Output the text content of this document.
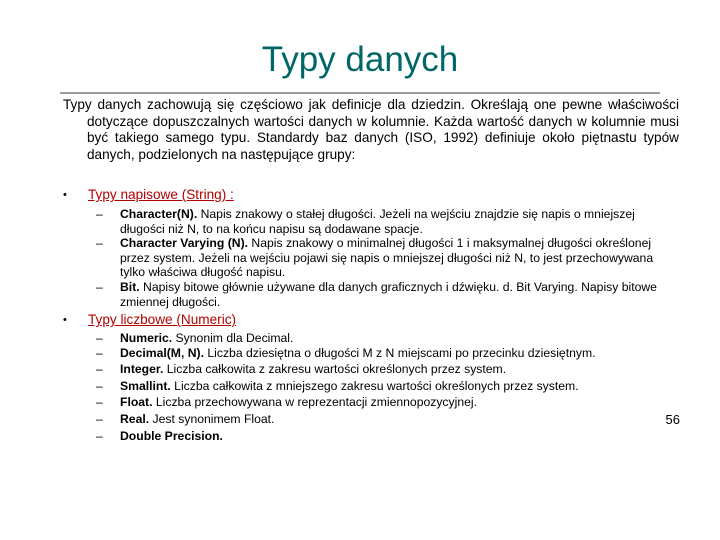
Typy danych
Typy danych zachowują się częściowo jak definicje dla dziedzin. Określają one pewne właściwości dotyczące dopuszczalnych wartości danych w kolumnie. Każda wartość danych w kolumnie musi być takiego samego typu. Standardy baz danych (ISO, 1992) definiuje około piętnastu typów danych, podzielonych na następujące grupy:
• Typy napisowe (String) :
– Character(N). Napis znakowy o stałej długości. Jeżeli na wejściu znajdzie się napis o mniejszej długości niż N, to na końcu napisu są dodawane spacje.
– Character Varying (N). Napis znakowy o minimalnej długości 1 i maksymalnej długości określonej przez system. Jeżeli na wejściu pojawi się napis o mniejszej długości niż N, to jest przechowywana tylko właściwa długość napisu.
– Bit. Napisy bitowe głównie używane dla danych graficznych i dźwięku. d. Bit Varying. Napisy bitowe zmiennej długości.
• Typy liczbowe (Numeric)
– Numeric. Synonim dla Decimal.
– Decimal(M, N). Liczba dziesiętna o długości M z N miejscami po przecinku dziesiętnym.
– Integer. Liczba całkowita z zakresu wartości określonych przez system.
– Smallint. Liczba całkowita z mniejszego zakresu wartości określonych przez system.
– Float. Liczba przechowywana w reprezentacji zmiennopozycyjnej.
– Real. Jest synonimem Float.
– Double Precision.
56
